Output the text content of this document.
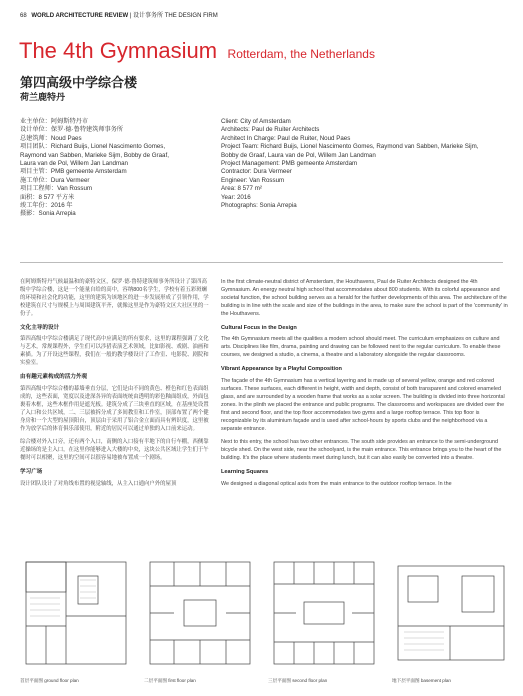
68 WORLD ARCHITECTURE REVIEW | 设计事务所 THE DESIGN FIRM
The 4th Gymnasium Rotterdam, the Netherlands
第四高级中学综合楼
荷兰鹿特丹
业主单位：阿姆斯特丹市
设计单位：保罗·德·鲁特建筑师事务所
总建筑师：Noud Paes
项目团队：Richard Buijs, Lionel Nascimento Gomes,
Raymond van Sabben, Marieke Sijm, Bobby de Graaf,
Laura van de Pol, Willem Jan Landman
项目主管：PMB gemeente Amsterdam
施工单位：Dura Vermeer
项目工程师：Van Rossum
面积：8 577 平方米
竣工年份：2016 年
摄影：Sonia Arrepia
Client: City of Amsterdam
Architects: Paul de Ruiter Architects
Architect In Charge: Paul de Ruiter, Noud Paes
Project Team: Richard Buijs, Lionel Nascimento Gomes, Raymond van Sabben, Marieke Sijm,
Bobby de Graaf, Laura van de Pol, Willem Jan Landman
Project Management: PMB gemeente Amsterdam
Contractor: Dura Vermeer
Engineer: Van Rossum
Area: 8 577 m²
Year: 2016
Photographs: Sonia Arrepia

在阿姆斯特丹气候最温和的豪特文区，保罗·德·鲁特建筑师事务所设计了第四高级中学综合楼，这是一个能量自给的高中，容纳800名学生，学校有着五彩斑斓的环境和社会化的功能，这里的建筑为该地区的进一步发展形成了引领作用，学校建筑在尺寸与规模上与周围建筑平齐，就像这里是作为豪特文区大社区里的一份子。

文化主导的设计

第四高级中学综合楼满足了现代高中应满足的所有要求，这里的课程强调了文化与艺术，常规课程外，学生们可以涉猎表演艺术领域，比如影视、戏剧、油画和素描。为了开设这些课程，我们在一般的教学楼设计了工作室、电影院、剧院和实验室。

由有趣元素构成的活力外观

第四高级中学综合楼的幕墙垂直分层，它们是由不同的黄色、橙色和红色表面组成的，这些表面，宽度以及进深各异的表面统统由透明的彩色釉面组成，外面包裹着木框，这些木框作用是遮光板。建筑分成了三块垂直的区域，在基座处设置了入口和公共区域，二、三层被拆分成了多间教室和工作室，顶部布置了两个健身房和一个大型的屋顶阳台，顶层由于采用了铝合金立面而具有辨识度，这里被作为放学后的体育俱乐部使用，附近的居民可以通过单独的入口前来运动。

综合楼对外入口旁，还有两个入口，南侧的入口接有半地下的自行车棚，西侧靠近操场的是主入口，在这里你能够进入大楼的中央，这块公共区域让学生们于午餐时可以相聚，这里的空间可以很容易地被布置成一个剧场。

学习广场

设计团队设计了对角线布置的视觉轴线，从主入口通向户外的屋顶

In the first climate-neutral district of Amsterdam, the Houthavens, Paul de Ruiter Architects designed the 4th Gymnasium. An energy neutral high school that accommodates about 800 students. With its colorful appearance and societal function, the school building serves as a herald for the further developments of this area. The architecture of the building is in line with the scale and size of the buildings in the area, to make sure the school is part of the 'community' in the Houthavens.

Cultural Focus in the Design

The 4th Gymnasium meets all the qualities a modern school should meet. The curriculum emphasizes on culture and arts. Disciplines like film, drama, painting and drawing can be followed next to the regular curriculum. To enable these courses, we designed a studio, a cinema, a theatre and a laboratory alongside the regular classrooms.

Vibrant Appearance by a Playful Composition

The façade of the 4th Gymnasium has a vertical layering and is made up of several yellow, orange and red colored surfaces. These surfaces, each different in height, width and depth, consist of both transparent and colored enameled glass, and are surrounded by a wooden frame that works as a solar screen. The building is divided into three horizontal zones. In the plinth we placed the entrance and public programs. The classrooms and workspaces are divided over the first and second floor, and the top floor accommodates two gyms and a large rooftop terrace. This top floor is recognizable by its aluminium façade and is used after school-hours by sports clubs and the neighborhood via a separate entrance.

Next to this entry, the school has two other entrances. The south side provides an entrance to the semi-underground bicycle shed. On the west side, near the schoolyard, is the main entrance. This entrance brings you to the heart of the building. It's the place where students meet during lunch, but it can also easily be converted into a theatre.

Learning Squares

We designed a diagonal optical axis from the main entrance to the outdoor rooftop terrace. In the

首层平面图 ground floor plan	二层平面图 first floor plan	三层平面图 second floor plan	地下层平面图 basement plan
